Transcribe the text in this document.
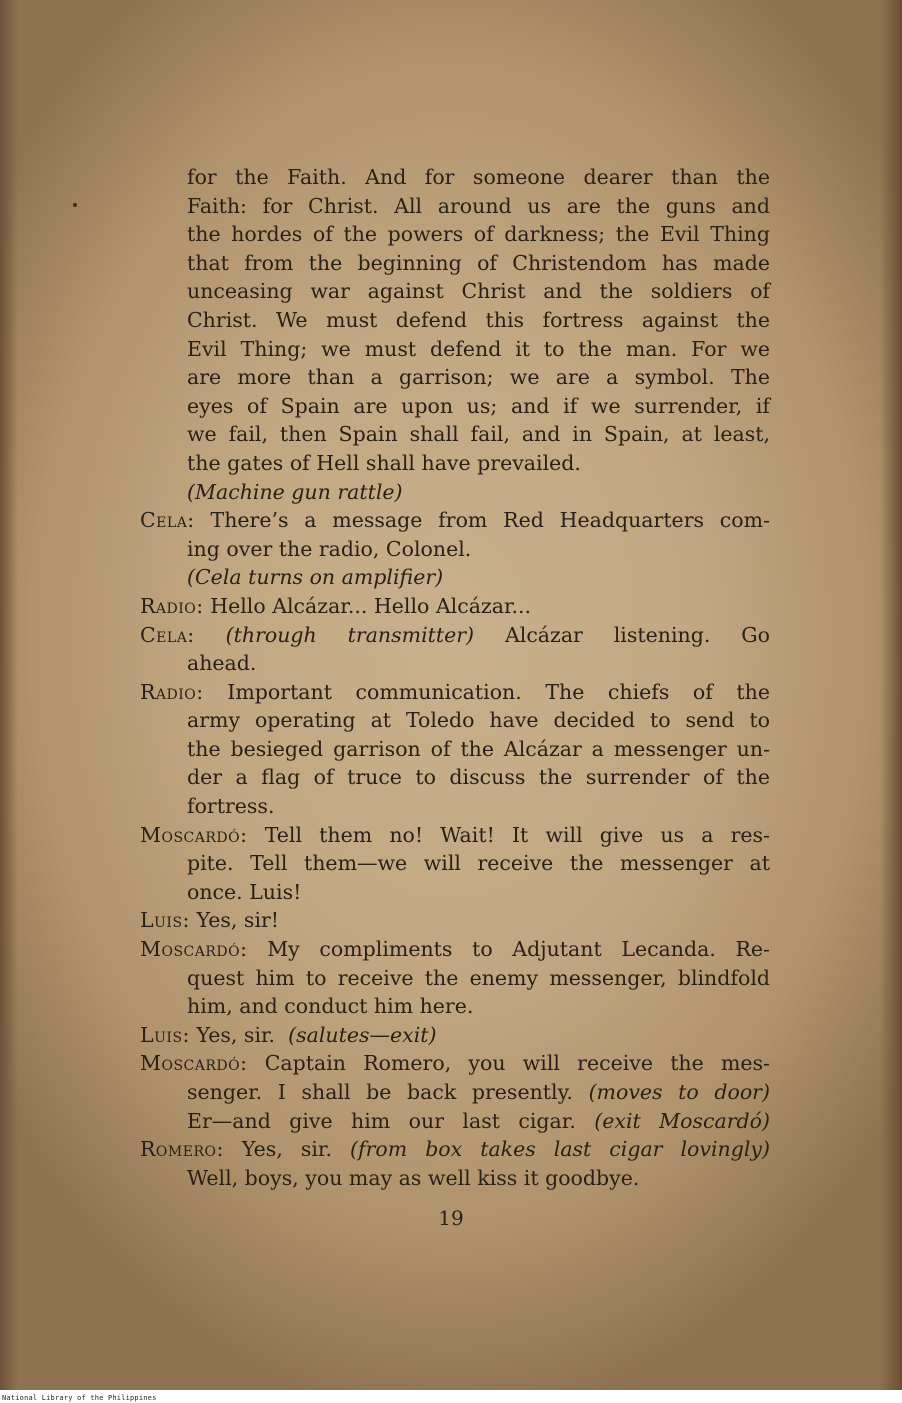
for the Faith. And for someone dearer than the
Faith: for Christ. All around us are the guns and
the hordes of the powers of darkness; the Evil Thing
that from the beginning of Christendom has made
unceasing war against Christ and the soldiers of
Christ. We must defend this fortress against the
Evil Thing; we must defend it to the man. For we
are more than a garrison; we are a symbol. The
eyes of Spain are upon us; and if we surrender, if
we fail, then Spain shall fail, and in Spain, at least,
the gates of Hell shall have prevailed.
(Machine gun rattle)
Cela: There’s a message from Red Headquarters com-
ing over the radio, Colonel.
(Cela turns on amplifier)
Radio: Hello Alcázar... Hello Alcázar...
Cela: (through transmitter) Alcázar listening. Go
ahead.
Radio: Important communication. The chiefs of the
army operating at Toledo have decided to send to
the besieged garrison of the Alcázar a messenger un-
der a flag of truce to discuss the surrender of the
fortress.
Moscardó: Tell them no! Wait! It will give us a res-
pite. Tell them—we will receive the messenger at
once. Luis!
Luis: Yes, sir!
Moscardó: My compliments to Adjutant Lecanda. Re-
quest him to receive the enemy messenger, blindfold
him, and conduct him here.
Luis: Yes, sir. (salutes—exit)
Moscardó: Captain Romero, you will receive the mes-
senger. I shall be back presently. (moves to door)
Er—and give him our last cigar. (exit Moscardó)
Romero: Yes, sir. (from box takes last cigar lovingly)
Well, boys, you may as well kiss it goodbye.
19
National Library of the Philippines
